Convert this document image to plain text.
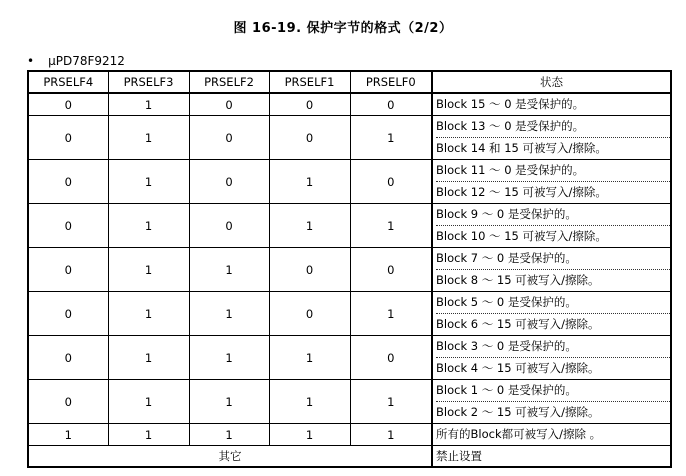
图 16-19. 保护字节的格式（2/2）
• μPD78F9212
PRSELF4	PRSELF3	PRSELF2	PRSELF1	PRSELF0	状态
0	1	0	0	0	Block 15 ～ 0 是受保护的。

0	1	0	0	1	Block 13 ～ 0 是受保护的。
Block 14 和 15 可被写入/擦除。

0	1	0	1	0	Block 11 ～ 0 是受保护的。
Block 12 ～ 15 可被写入/擦除。

0	1	0	1	1	Block 9 ～ 0 是受保护的。
Block 10 ～ 15 可被写入/擦除。

0	1	1	0	0	Block 7 ～ 0 是受保护的。
Block 8 ～ 15 可被写入/擦除。

0	1	1	0	1	Block 5 ～ 0 是受保护的。
Block 6 ～ 15 可被写入/擦除。

0	1	1	1	0	Block 3 ～ 0 是受保护的。
Block 4 ～ 15 可被写入/擦除。

0	1	1	1	1	Block 1 ～ 0 是受保护的。
Block 2 ～ 15 可被写入/擦除。

1	1	1	1	1	所有的Block都可被写入/擦除 。

其它					禁止设置
